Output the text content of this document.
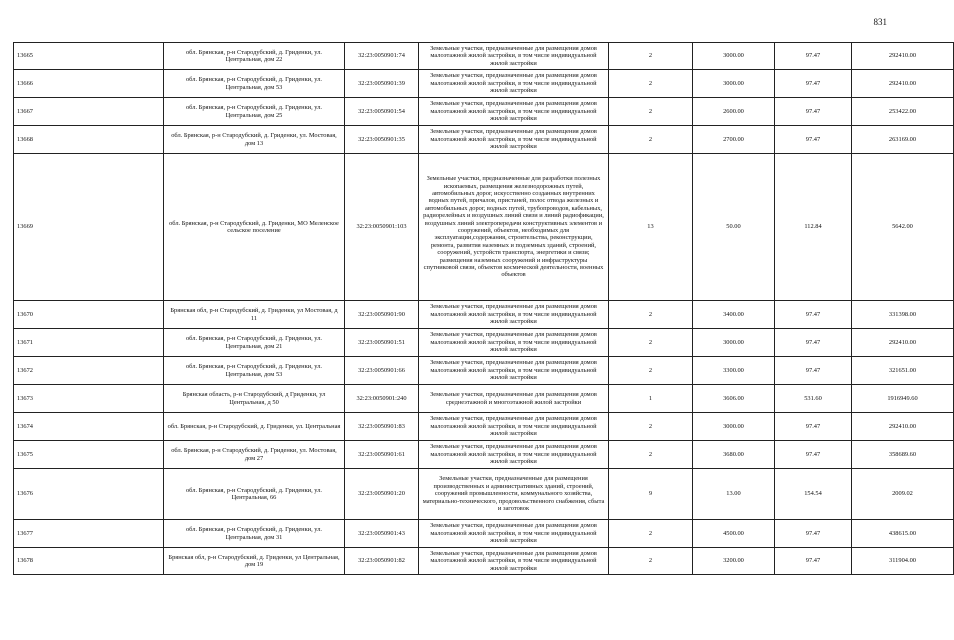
831
13665	обл. Брянская, р-н Стародубский, д. Гриденки, ул. Центральная, дом 22	32:23:0050901:74	Земельные участки, предназначенные для размещения домов малоэтажной жилой застройки, в том числе индивидуальной жилой застройки	2	3000.00	97.47	292410.00
13666	обл. Брянская, р-н Стародубский, д. Гриденки, ул. Центральная, дом 53	32:23:0050901:39	Земельные участки, предназначенные для размещения домов малоэтажной жилой застройки, в том числе индивидуальной жилой застройки	2	3000.00	97.47	292410.00
13667	обл. Брянская, р-н Стародубский, д. Гриденки, ул. Центральная, дом 25	32:23:0050901:54	Земельные участки, предназначенные для размещения домов малоэтажной жилой застройки, в том числе индивидуальной жилой застройки	2	2600.00	97.47	253422.00
13668	обл. Брянская, р-н Стародубский, д. Гриденки, ул. Мостовая, дом 13	32:23:0050901:35	Земельные участки, предназначенные для размещения домов малоэтажной жилой застройки, в том числе индивидуальной жилой застройки	2	2700.00	97.47	263169.00
13669	обл. Брянская, р-н Стародубский, д. Гриденки, МО Меленское сельское поселение	32:23:0050901:103	Земельные участки, предназначенные для разработки полезных ископаемых, размещения железнодорожных путей, автомобильных дорог, искусственно созданных внутренних водных путей, причалов, пристаней, полос отвода железных и автомобильных дорог, водных путей, трубопроводов, кабельных, радиорелейных и воздушных линий связи и линий радиофикации, воздушных линий электропередачи конструктивных элементов и сооружений, объектов, необходимых для эксплуатации,содержания, строительства, реконструкции, ремонта, развития наземных и подземных зданий, строений, сооружений, устройств транспорта, энергетики и связи; размещения наземных сооружений и инфраструктуры спутниковой связи, объектов космической деятельности, военных объектов	13	50.00	112.84	5642.00
13670	Брянская обл, р-н Стародубский, д. Гриденки, ул Мостовая, д 11	32:23:0050901:90	Земельные участки, предназначенные для размещения домов малоэтажной жилой застройки, в том числе индивидуальной жилой застройки	2	3400.00	97.47	331398.00
13671	обл. Брянская, р-н Стародубский, д. Гриденки, ул. Центральная, дом 21	32:23:0050901:51	Земельные участки, предназначенные для размещения домов малоэтажной жилой застройки, в том числе индивидуальной жилой застройки	2	3000.00	97.47	292410.00
13672	обл. Брянская, р-н Стародубский, д. Гриденки, ул. Центральная, дом 53	32:23:0050901:66	Земельные участки, предназначенные для размещения домов малоэтажной жилой застройки, в том числе индивидуальной жилой застройки	2	3300.00	97.47	321651.00
13673	Брянская область, р-н Стародубский, д Гриденки, ул Центральная, д 50	32:23:0050901:240	Земельные участки, предназначенные для размещения домов среднеэтажной и многоэтажной жилой застройки	1	3606.00	531.60	1916949.60
13674	обл. Брянская, р-н Стародубский, д. Гриденки, ул. Центральная	32:23:0050901:83	Земельные участки, предназначенные для размещения домов малоэтажной жилой застройки, в том числе индивидуальной жилой застройки	2	3000.00	97.47	292410.00
13675	обл. Брянская, р-н Стародубский, д. Гриденки, ул. Мостовая, дом 27	32:23:0050901:61	Земельные участки, предназначенные для размещения домов малоэтажной жилой застройки, в том числе индивидуальной жилой застройки	2	3680.00	97.47	358689.60
13676	обл. Брянская, р-н Стародубский, д. Гриденки, ул. Центральная, 66	32:23:0050901:20	Земельные участки, предназначенные для размещения производственных и административных зданий, строений, сооружений промышленности, коммунального хозяйства, материально-технического, продовольственного снабжения, сбыта и заготовок	9	13.00	154.54	2009.02
13677	обл. Брянская, р-н Стародубский, д. Гриденки, ул. Центральная, дом 31	32:23:0050901:43	Земельные участки, предназначенные для размещения домов малоэтажной жилой застройки, в том числе индивидуальной жилой застройки	2	4500.00	97.47	438615.00
13678	Брянская обл, р-н Стародубский, д. Гриденки, ул Центральная, дом 19	32:23:0050901:82	Земельные участки, предназначенные для размещения домов малоэтажной жилой застройки, в том числе индивидуальной жилой застройки	2	3200.00	97.47	311904.00
